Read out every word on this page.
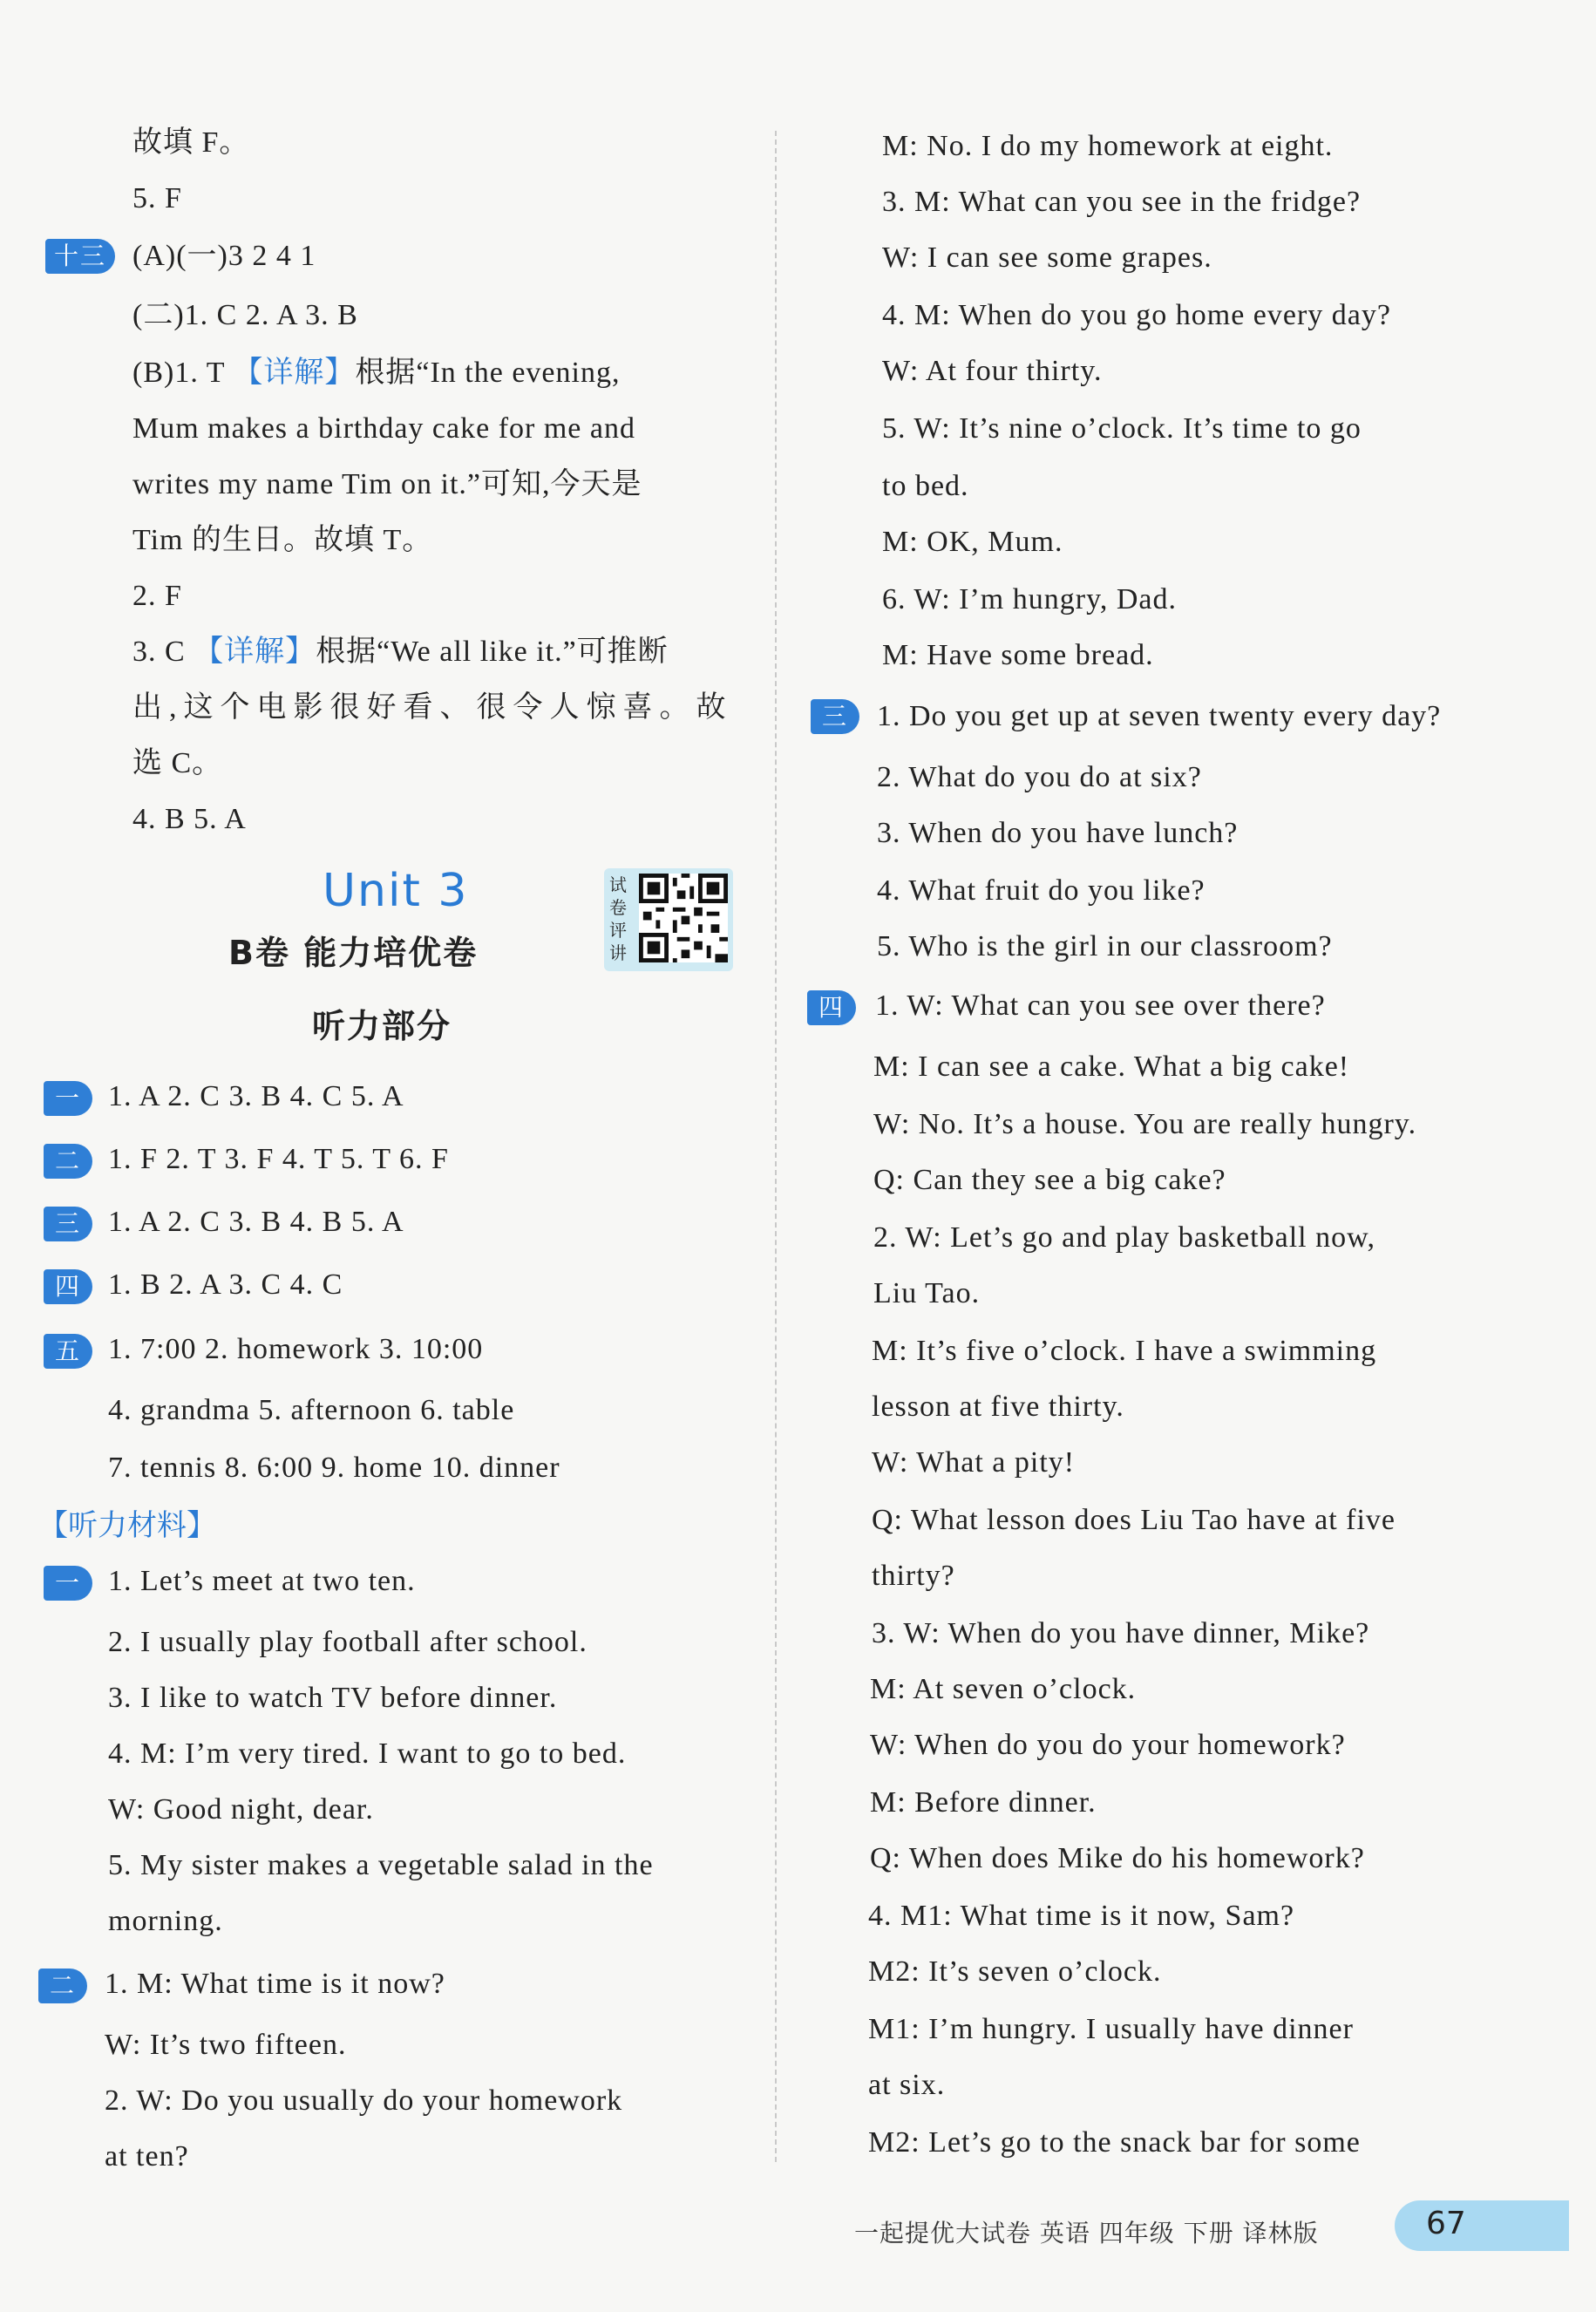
故填 F。
5. F
十三 (A)(一)3 2 4 1
(二)1. C 2. A 3. B
(B)1. T 【详解】根据“In the evening,
Mum makes a birthday cake for me and
writes my name Tim on it.”可知,今天是
Tim 的生日。故填 T。
2. F
3. C 【详解】根据“We all like it.”可推断
出,这个电影很好看、很令人惊喜。故
选 C。
4. B 5. A
Unit 3	试卷评讲
B卷 能力培优卷
听力部分
一 1. A 2. C 3. B 4. C 5. A
二 1. F 2. T 3. F 4. T 5. T 6. F
三 1. A 2. C 3. B 4. B 5. A
四 1. B 2. A 3. C 4. C
五 1. 7:00 2. homework 3. 10:00
4. grandma 5. afternoon 6. table
7. tennis 8. 6:00 9. home 10. dinner
【听力材料】
一 1. Let’s meet at two ten.
2. I usually play football after school.
3. I like to watch TV before dinner.
4. M: I’m very tired. I want to go to bed.
W: Good night, dear.
5. My sister makes a vegetable salad in the
morning.
二 1. M: What time is it now?
W: It’s two fifteen.
2. W: Do you usually do your homework
at ten?
M: No. I do my homework at eight.
3. M: What can you see in the fridge?
W: I can see some grapes.
4. M: When do you go home every day?
W: At four thirty.
5. W: It’s nine o’clock. It’s time to go
to bed.
M: OK, Mum.
6. W: I’m hungry, Dad.
M: Have some bread.
三 1. Do you get up at seven twenty every day?
2. What do you do at six?
3. When do you have lunch?
4. What fruit do you like?
5. Who is the girl in our classroom?
四	1. W: What can you see over there?
M: I can see a cake. What a big cake!
W: No. It’s a house. You are really hungry.
Q: Can they see a big cake?
2. W: Let’s go and play basketball now,
Liu Tao.
M: It’s five o’clock. I have a swimming
lesson at five thirty.
W: What a pity!
Q: What lesson does Liu Tao have at five
thirty?
3. W: When do you have dinner, Mike?
M: At seven o’clock.
W: When do you do your homework?
M: Before dinner.
Q: When does Mike do his homework?
4. M1: What time is it now, Sam?
M2: It’s seven o’clock.
M1: I’m hungry. I usually have dinner
at six.
M2: Let’s go to the snack bar for some
一起提优大试卷 英语 四年级 下册 译林版	67
